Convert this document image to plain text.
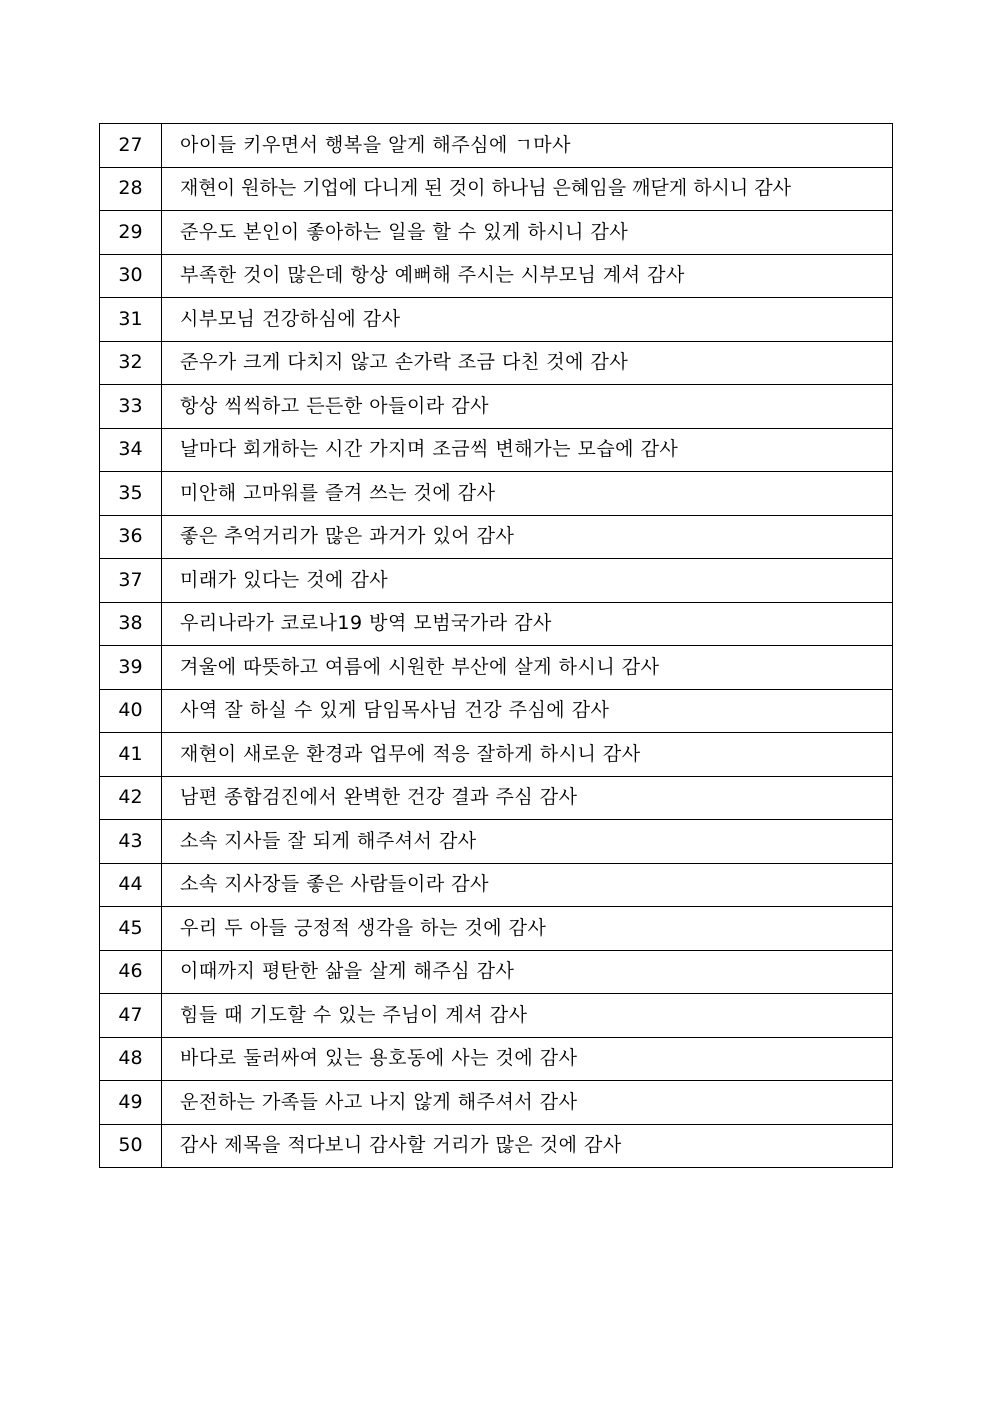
27	아이들 키우면서 행복을 알게 해주심에 ㄱ마사
28	재현이 원하는 기업에 다니게 된 것이 하나님 은혜임을 깨닫게 하시니 감사
29	준우도 본인이 좋아하는 일을 할 수 있게 하시니 감사
30	부족한 것이 많은데 항상 예뻐해 주시는 시부모님 계셔 감사
31	시부모님 건강하심에 감사
32	준우가 크게 다치지 않고 손가락 조금 다친 것에 감사
33	항상 씩씩하고 든든한 아들이라 감사
34	날마다 회개하는 시간 가지며 조금씩 변해가는 모습에 감사
35	미안해 고마워를 즐겨 쓰는 것에 감사
36	좋은 추억거리가 많은 과거가 있어 감사
37	미래가 있다는 것에 감사
38	우리나라가 코로나19 방역 모범국가라 감사
39	겨울에 따뜻하고 여름에 시원한 부산에 살게 하시니 감사
40	사역 잘 하실 수 있게 담임목사님 건강 주심에 감사
41	재현이 새로운 환경과 업무에 적응 잘하게 하시니 감사
42	남편 종합검진에서 완벽한 건강 결과 주심 감사
43	소속 지사들 잘 되게 해주셔서 감사
44	소속 지사장들 좋은 사람들이라 감사
45	우리 두 아들 긍정적 생각을 하는 것에 감사
46	이때까지 평탄한 삶을 살게 해주심 감사
47	힘들 때 기도할 수 있는 주님이 계셔 감사
48	바다로 둘러싸여 있는 용호동에 사는 것에 감사
49	운전하는 가족들 사고 나지 않게 해주셔서 감사
50	감사 제목을 적다보니 감사할 거리가 많은 것에 감사
